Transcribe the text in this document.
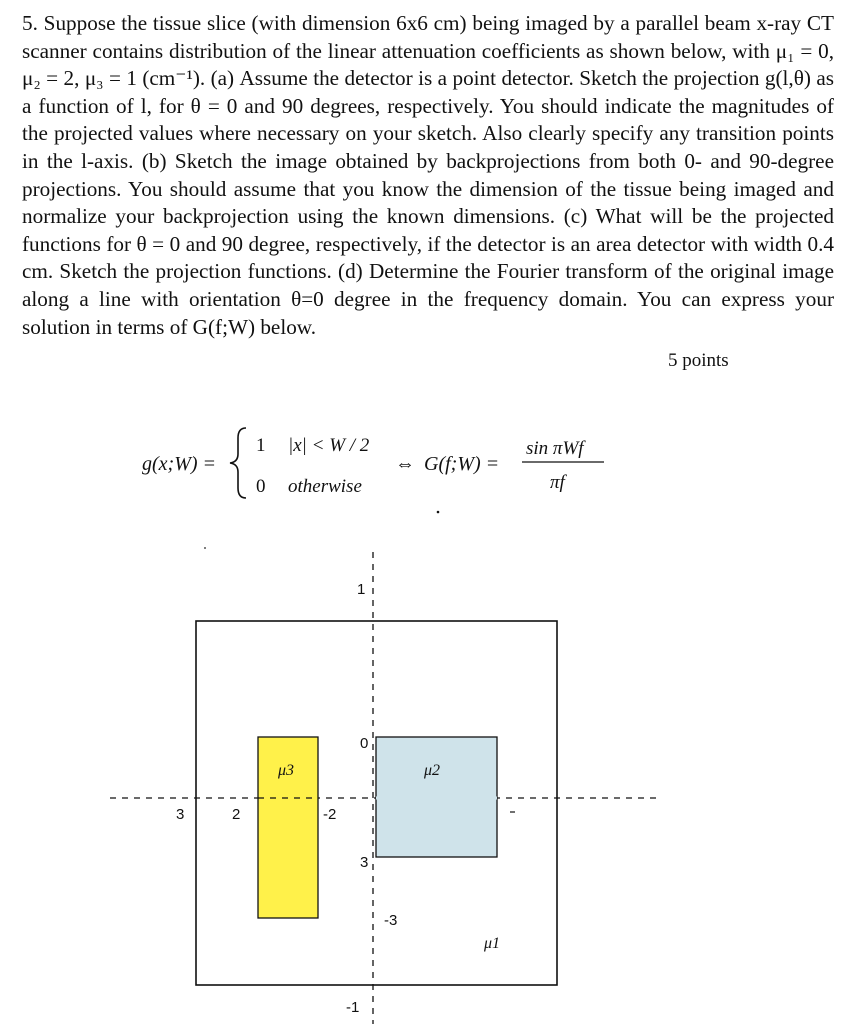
5. Suppose the tissue slice (with dimension 6x6 cm) being imaged by a parallel beam x-ray CT scanner contains distribution of the linear attenuation coefficients as shown below, with μ₁ = 0, μ₂ = 2, μ₃ = 1 (cm⁻¹). (a) Assume the detector is a point detector. Sketch the projection g(l,θ) as a function of l, for θ = 0 and 90 degrees, respectively. You should indicate the magnitudes of the projected values where necessary on your sketch. Also clearly specify any transition points in the l-axis. (b) Sketch the image obtained by backprojections from both 0- and 90-degree projections. You should assume that you know the dimension of the tissue being imaged and normalize your backprojection using the known dimensions. (c) What will be the projected functions for θ = 0 and 90 degree, respectively, if the detector is an area detector with width 0.4 cm. Sketch the projection functions. (d) Determine the Fourier transform of the original image along a line with orientation θ=0 degree in the frequency domain. You can express your solution in terms of G(f;W) below.

5 points
g(x;W) =
1 |x| < W / 2
0 otherwise
⇔ G(f;W) =
sin πWf
πf
μ3	μ2
μ1
1
0
3
-3
-1
3	2	-2
